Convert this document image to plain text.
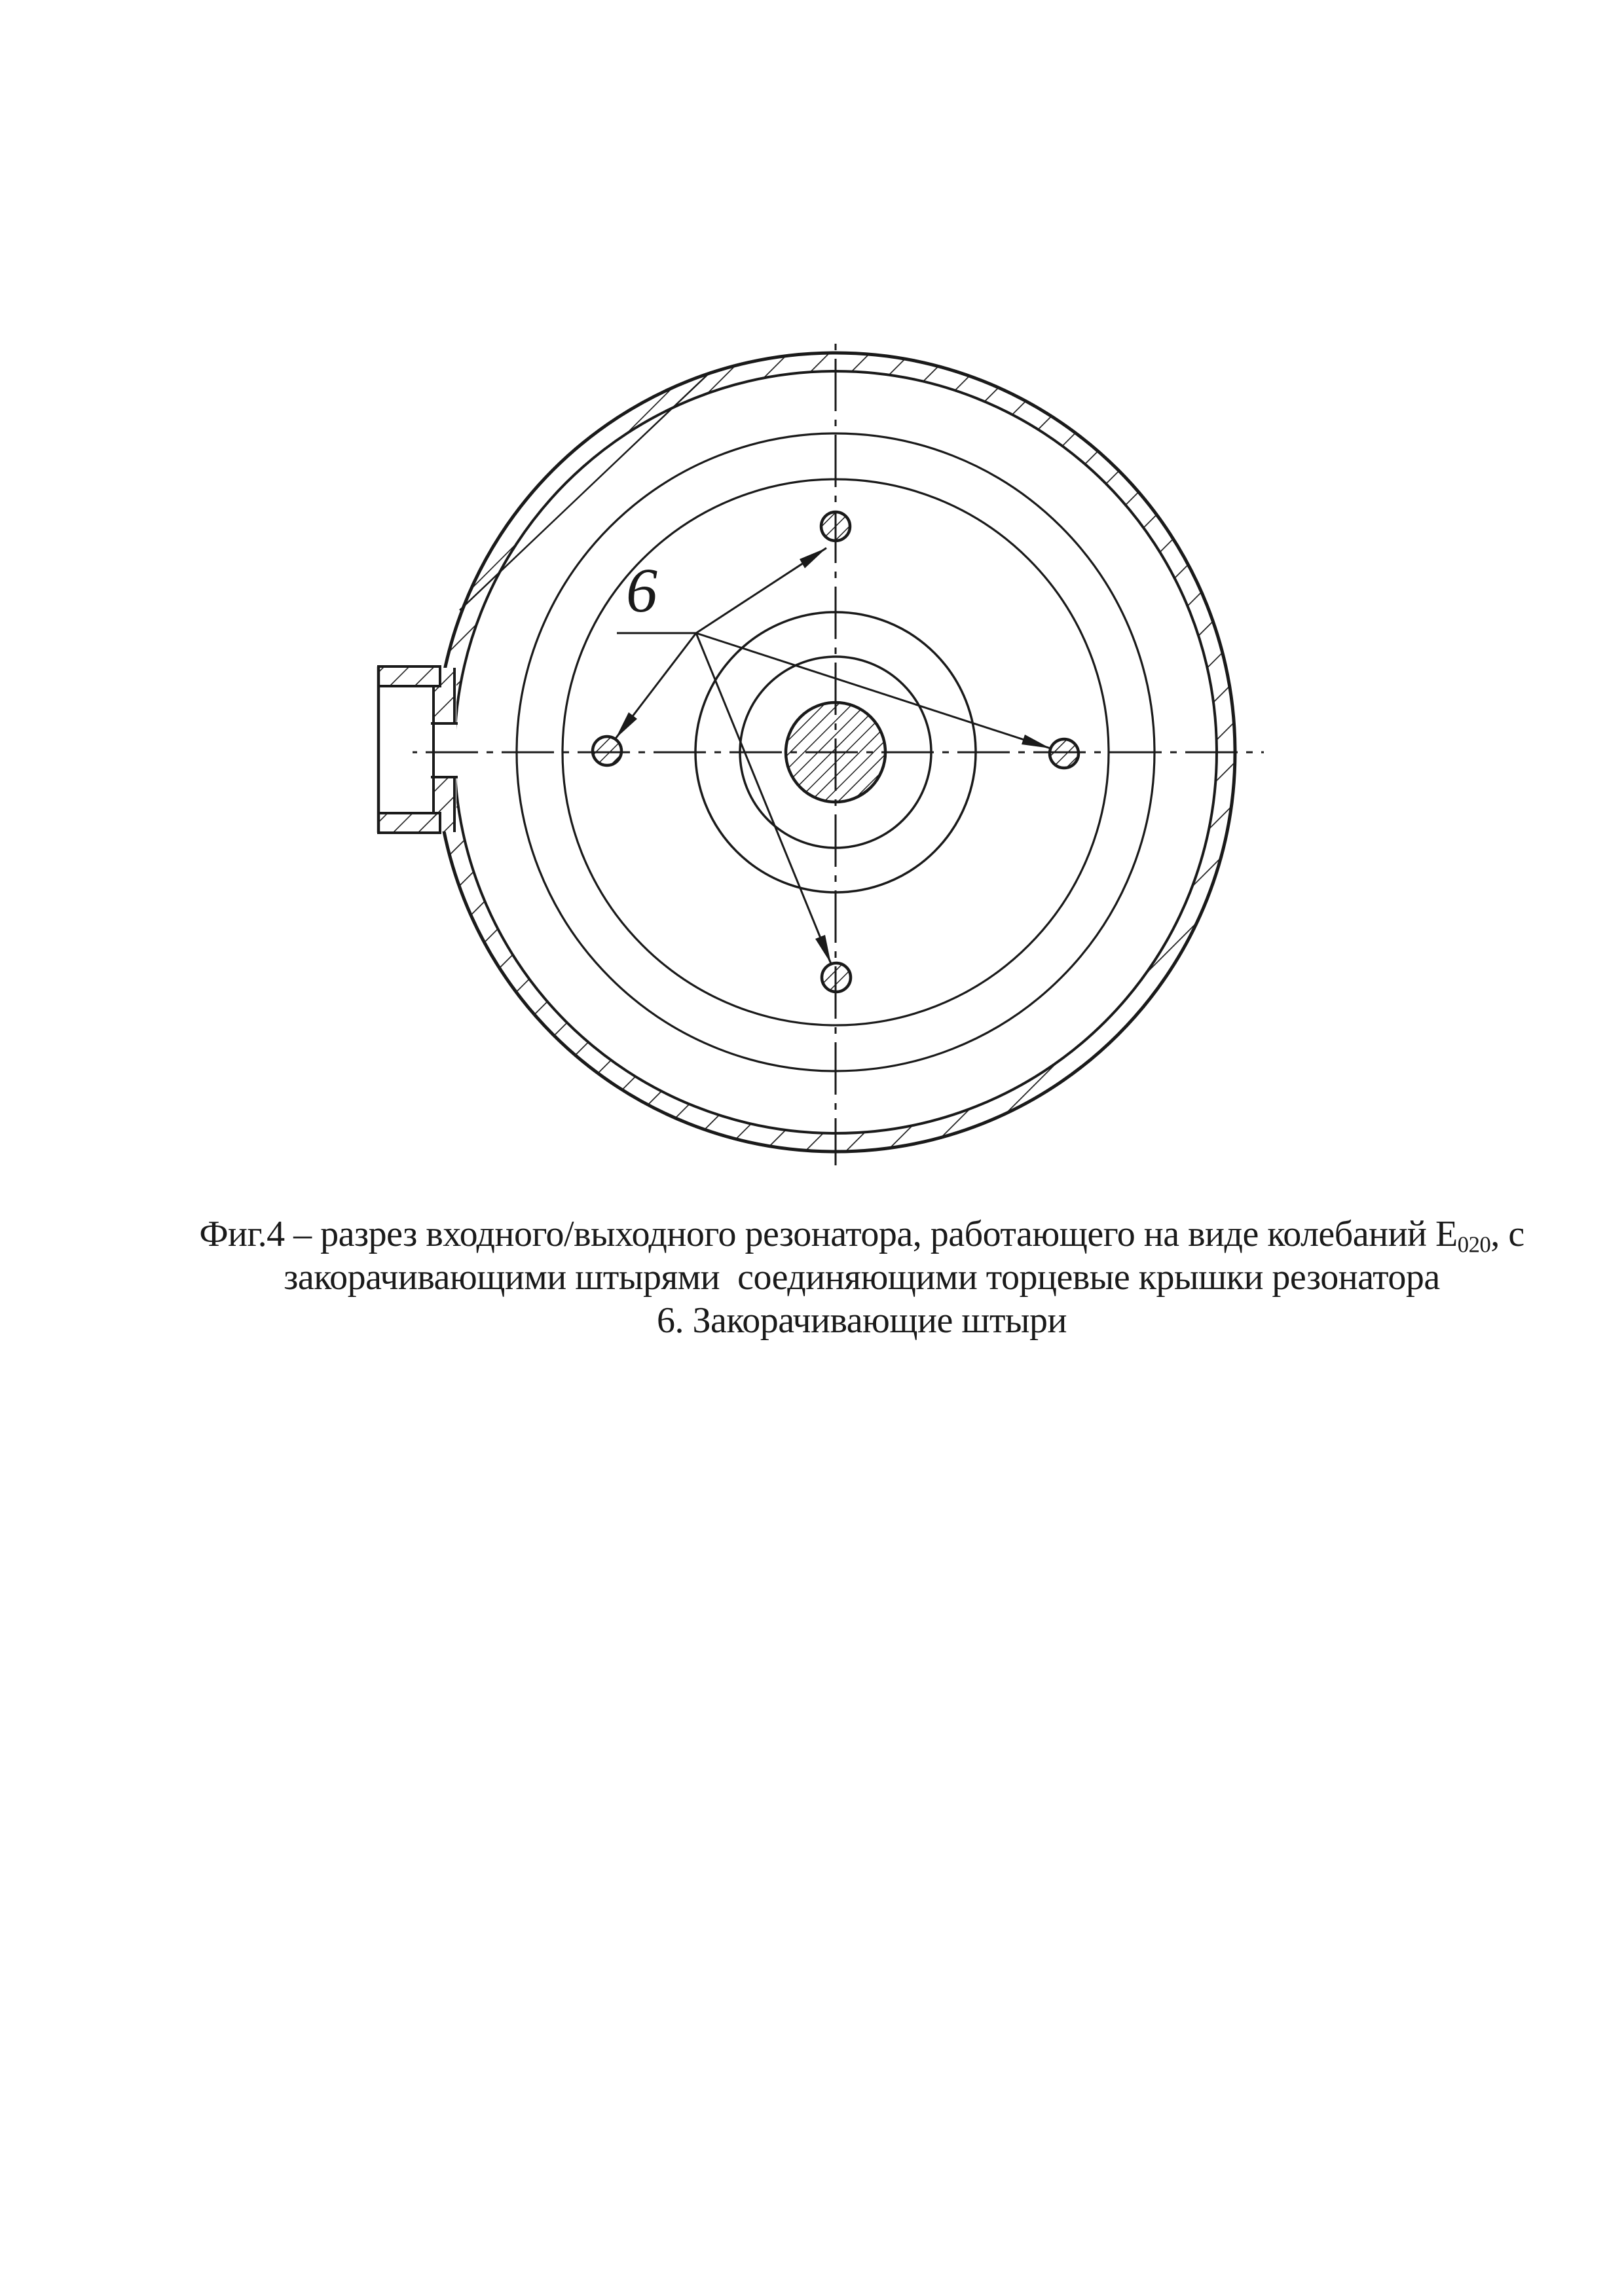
6
Фиг.4 – разрез входного/выходного резонатора, работающего на виде колебаний $Е_{020}$, с
закорачивающими штырями  соединяющими торцевые крышки резонатора
6. Закорачивающие штыри
